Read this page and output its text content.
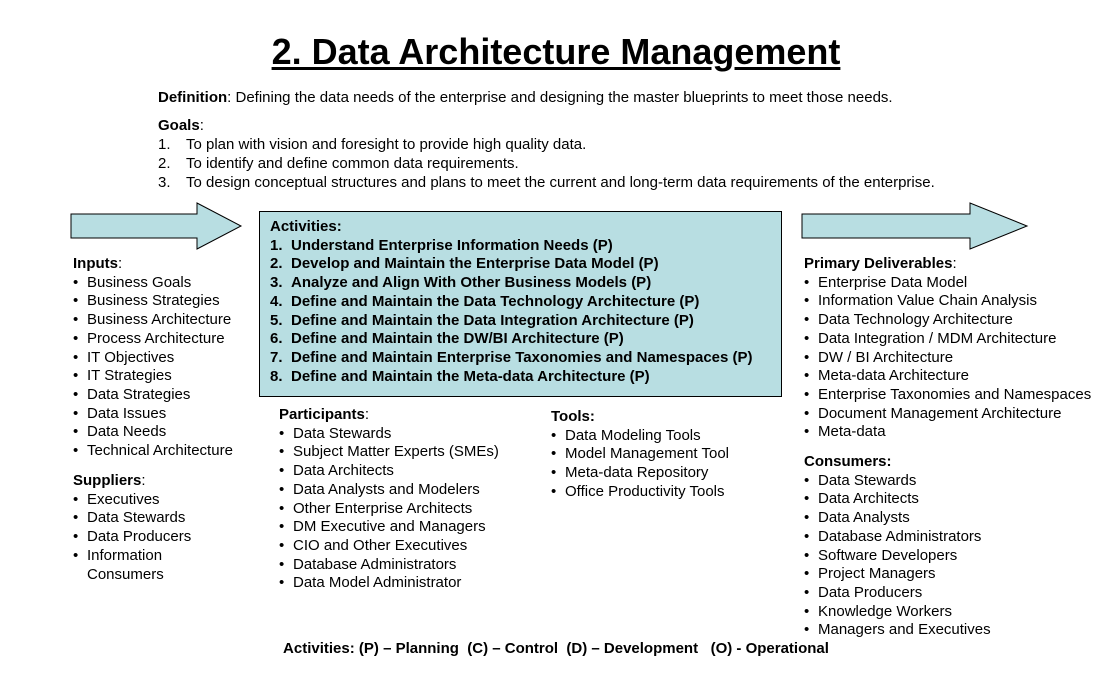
2. Data Architecture Management
Definition: Defining the data needs of the enterprise and designing the master blueprints to meet those needs.
Goals:
1. To plan with vision and foresight to provide high quality data.
2. To identify and define common data requirements.
3. To design conceptual structures and plans to meet the current and long-term data requirements of the enterprise.
Activities:
1. Understand Enterprise Information Needs (P)
2. Develop and Maintain the Enterprise Data Model (P)
3. Analyze and Align With Other Business Models (P)
4. Define and Maintain the Data Technology Architecture (P)
5. Define and Maintain the Data Integration Architecture (P)
6. Define and Maintain the DW/BI Architecture (P)
7. Define and Maintain Enterprise Taxonomies and Namespaces (P)
8. Define and Maintain the Meta-data Architecture (P)
Inputs:
• Business Goals
• Business Strategies
• Business Architecture
• Process Architecture
• IT Objectives
• IT Strategies
• Data Strategies
• Data Issues
• Data Needs
• Technical Architecture
Suppliers:
• Executives
• Data Stewards
• Data Producers
• Information
Consumers
Participants:
• Data Stewards
• Subject Matter Experts (SMEs)
• Data Architects
• Data Analysts and Modelers
• Other Enterprise Architects
• DM Executive and Managers
• CIO and Other Executives
• Database Administrators
• Data Model Administrator
Tools:
• Data Modeling Tools
• Model Management Tool
• Meta-data Repository
• Office Productivity Tools
Primary Deliverables:
• Enterprise Data Model
• Information Value Chain Analysis
• Data Technology Architecture
• Data Integration / MDM Architecture
• DW / BI Architecture
• Meta-data Architecture
• Enterprise Taxonomies and Namespaces
• Document Management Architecture
• Meta-data
Consumers:
• Data Stewards
• Data Architects
• Data Analysts
• Database Administrators
• Software Developers
• Project Managers
• Data Producers
• Knowledge Workers
• Managers and Executives
Activities: (P) – Planning  (C) – Control  (D) – Development   (O) - Operational
